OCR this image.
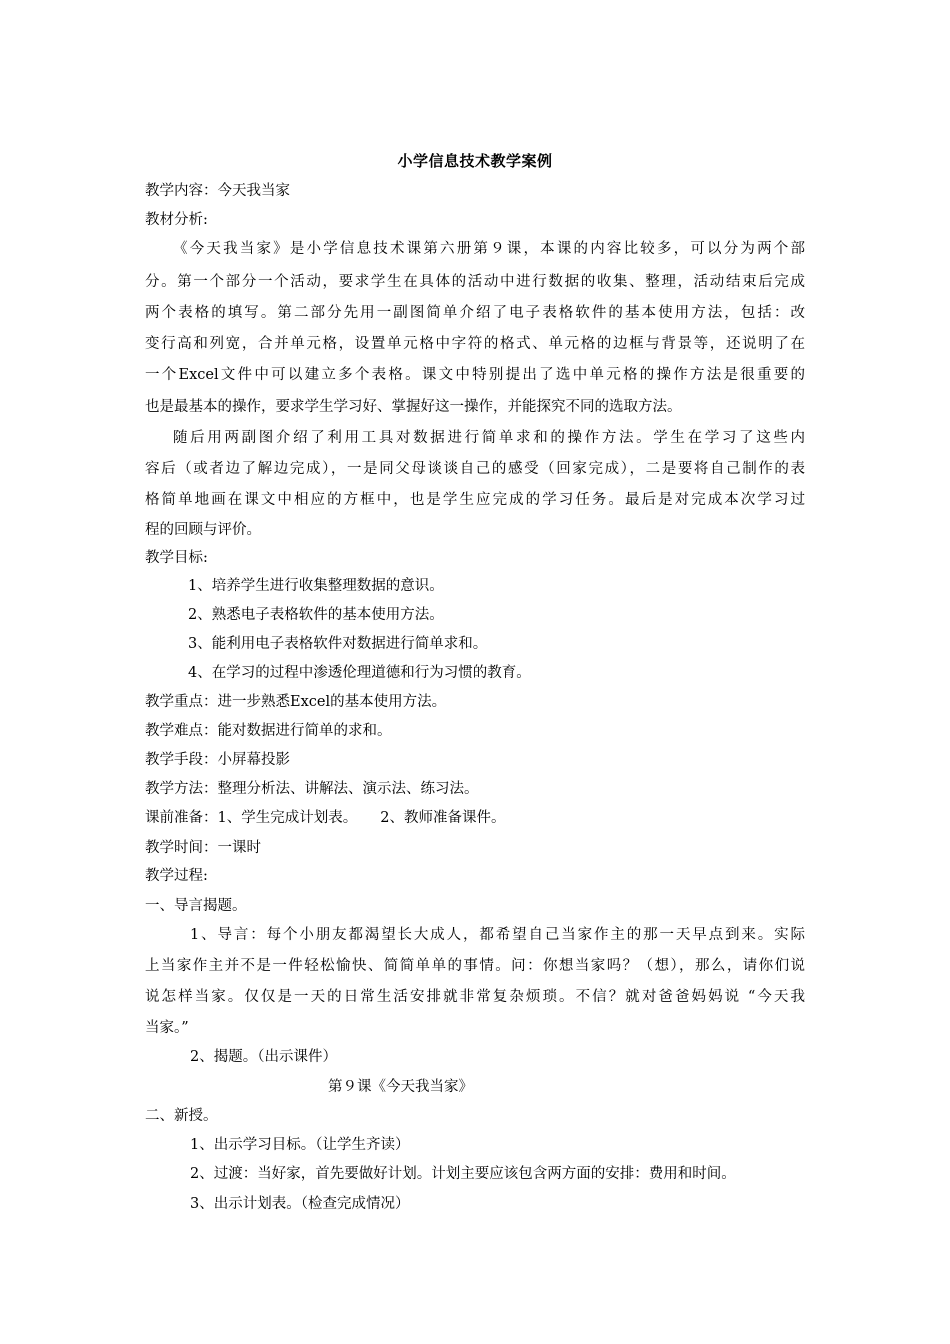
小学信息技术教学案例
教学内容：今天我当家
教材分析:
《今天我当家》是小学信息技术课第六册第９课，本课的内容比较多，可以分为两个部
分。第一个部分一个活动，要求学生在具体的活动中进行数据的收集、整理，活动结束后完成
两个表格的填写。第二部分先用一副图简单介绍了电子表格软件的基本使用方法，包括：改
变行高和列宽，合并单元格，设置单元格中字符的格式、单元格的边框与背景等，还说明了在
一个Excel文件中可以建立多个表格。课文中特别提出了选中单元格的操作方法是很重要的
也是最基本的操作，要求学生学习好、掌握好这一操作，并能探究不同的选取方法。
随后用两副图介绍了利用工具对数据进行简单求和的操作方法。学生在学习了这些内
容后（或者边了解边完成），一是同父母谈谈自己的感受（回家完成），二是要将自己制作的表
格简单地画在课文中相应的方框中，也是学生应完成的学习任务。最后是对完成本次学习过
程的回顾与评价。
教学目标:
1、培养学生进行收集整理数据的意识。
2、熟悉电子表格软件的基本使用方法。
3、能利用电子表格软件对数据进行简单求和。
4、在学习的过程中渗透伦理道德和行为习惯的教育。
教学重点：进一步熟悉Excel的基本使用方法。
教学难点：能对数据进行简单的求和。
教学手段：小屏幕投影
教学方法：整理分析法、讲解法、演示法、练习法。
课前准备：1、学生完成计划表。     2、教师准备课件。
教学时间：一课时
教学过程:
一、导言揭题。
1、导言：每个小朋友都渴望长大成人，都希望自己当家作主的那一天早点到来。实际
上当家作主并不是一件轻松愉快、简简单单的事情。问：你想当家吗？（想），那么，请你们说
说怎样当家。仅仅是一天的日常生活安排就非常复杂烦琐。不信？就对爸爸妈妈说 “今天我
当家。”
2、揭题。（出示课件）
第９课《今天我当家》
二、新授。
1、出示学习目标。（让学生齐读）
2、过渡：当好家，首先要做好计划。计划主要应该包含两方面的安排：费用和时间。
3、出示计划表。（检查完成情况）
